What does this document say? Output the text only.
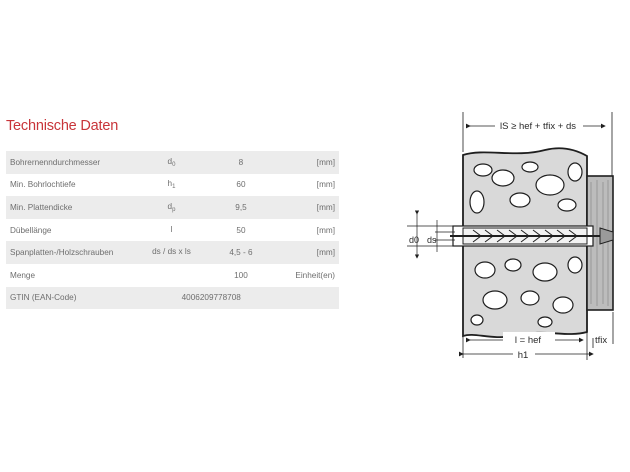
Technische Daten
Bohrernenndurchmesser	$d_0$	8	[mm]
Min. Bohrlochtiefe	$h_1$	60	[mm]
Min. Plattendicke	$d_p$	9,5	[mm]
Dübellänge	l	50	[mm]
Spanplatten-/Holzschrauben	ds / ds x ls	4,5 - 6	[mm]
Menge		100	Einheit(en)
GTIN (EAN-Code)	4006209778708		
lS ≥ hef + tfix + ds
d0 ds
l = hef	tfix
h1
